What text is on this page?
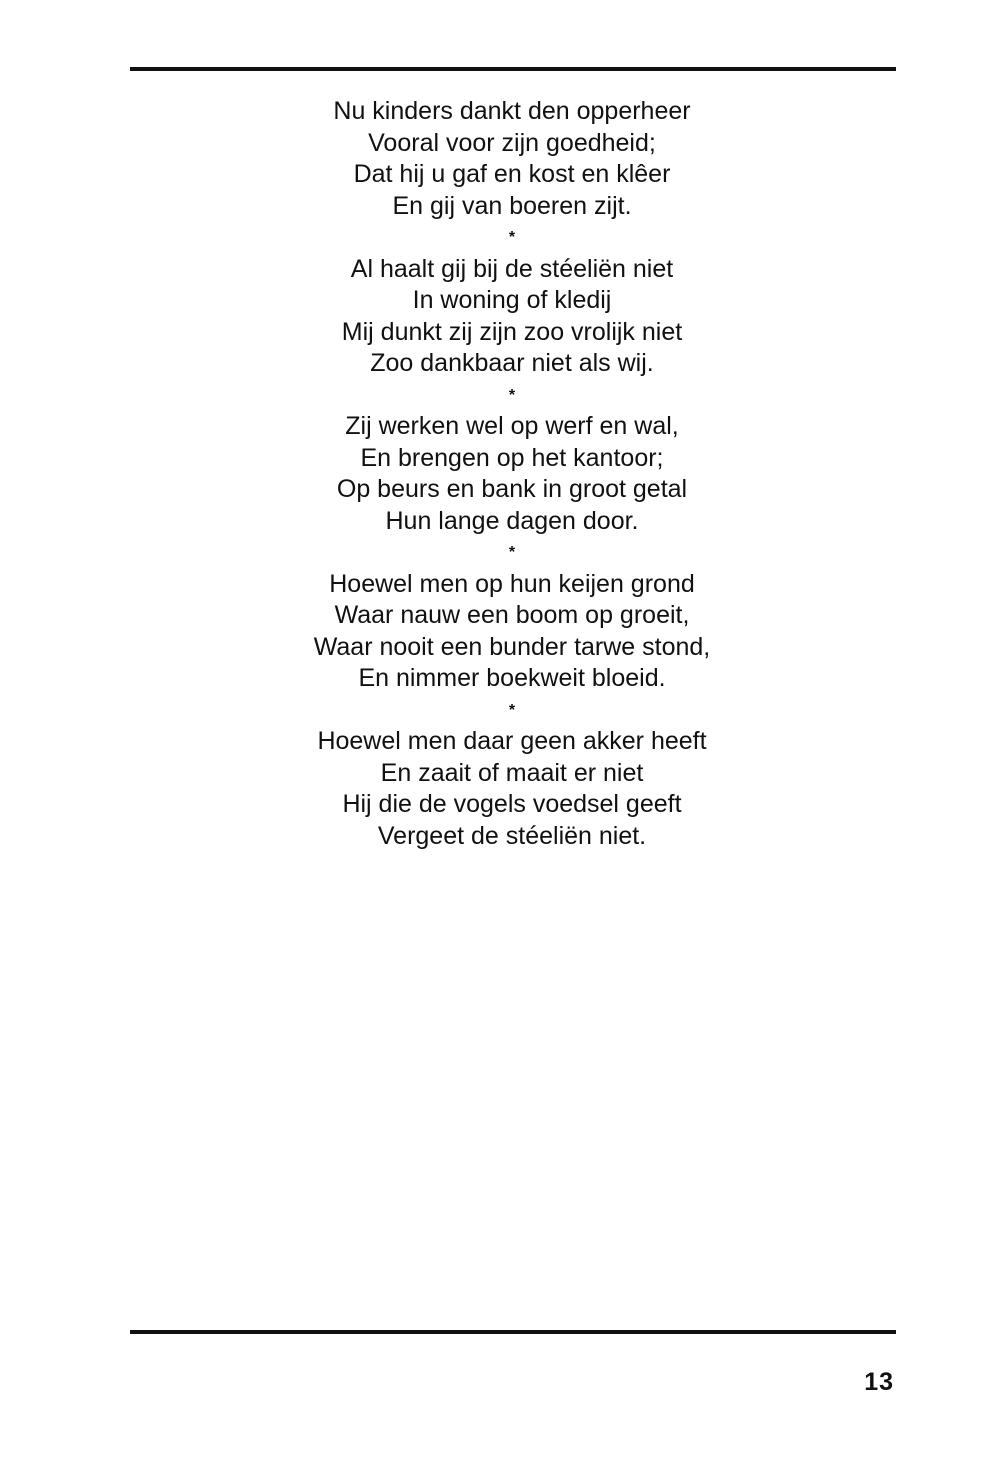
Nu kinders dankt den opperheer
Vooral voor zijn goedheid;
Dat hij u gaf en kost en klêer
En gij van boeren zijt.
*
Al haalt gij bij de stéeliën niet
In woning of kledij
Mij dunkt zij zijn zoo vrolijk niet
Zoo dankbaar niet als wij.
*
Zij werken wel op werf en wal,
En brengen op het kantoor;
Op beurs en bank in groot getal
Hun lange dagen door.
*
Hoewel men op hun keijen grond
Waar nauw een boom op groeit,
Waar nooit een bunder tarwe stond,
En nimmer boekweit bloeid.
*
Hoewel men daar geen akker heeft
En zaait of maait er niet
Hij die de vogels voedsel geeft
Vergeet de stéeliën niet.
13
